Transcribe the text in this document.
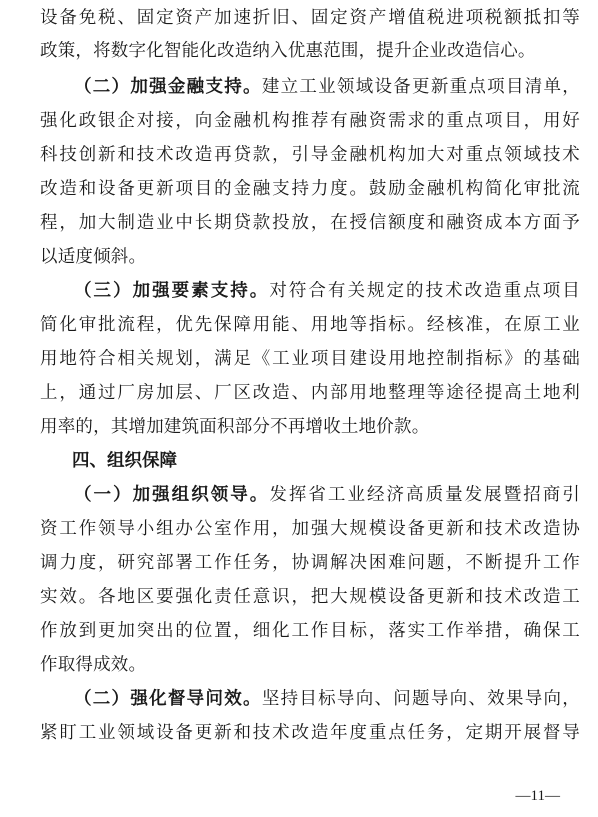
设备免税、固定资产加速折旧、固定资产增值税进项税额抵扣等
政策，将数字化智能化改造纳入优惠范围，提升企业改造信心。
（二）加强金融支持。建立工业领域设备更新重点项目清单，
强化政银企对接，向金融机构推荐有融资需求的重点项目，用好
科技创新和技术改造再贷款，引导金融机构加大对重点领域技术
改造和设备更新项目的金融支持力度。鼓励金融机构简化审批流
程，加大制造业中长期贷款投放，在授信额度和融资成本方面予
以适度倾斜。
（三）加强要素支持。对符合有关规定的技术改造重点项目
简化审批流程，优先保障用能、用地等指标。经核准，在原工业
用地符合相关规划，满足《工业项目建设用地控制指标》的基础
上，通过厂房加层、厂区改造、内部用地整理等途径提高土地利
用率的，其增加建筑面积部分不再增收土地价款。
四、组织保障
（一）加强组织领导。发挥省工业经济高质量发展暨招商引
资工作领导小组办公室作用，加强大规模设备更新和技术改造协
调力度，研究部署工作任务，协调解决困难问题，不断提升工作
实效。各地区要强化责任意识，把大规模设备更新和技术改造工
作放到更加突出的位置，细化工作目标，落实工作举措，确保工
作取得成效。
（二）强化督导问效。坚持目标导向、问题导向、效果导向，
紧盯工业领域设备更新和技术改造年度重点任务，定期开展督导
—11—
